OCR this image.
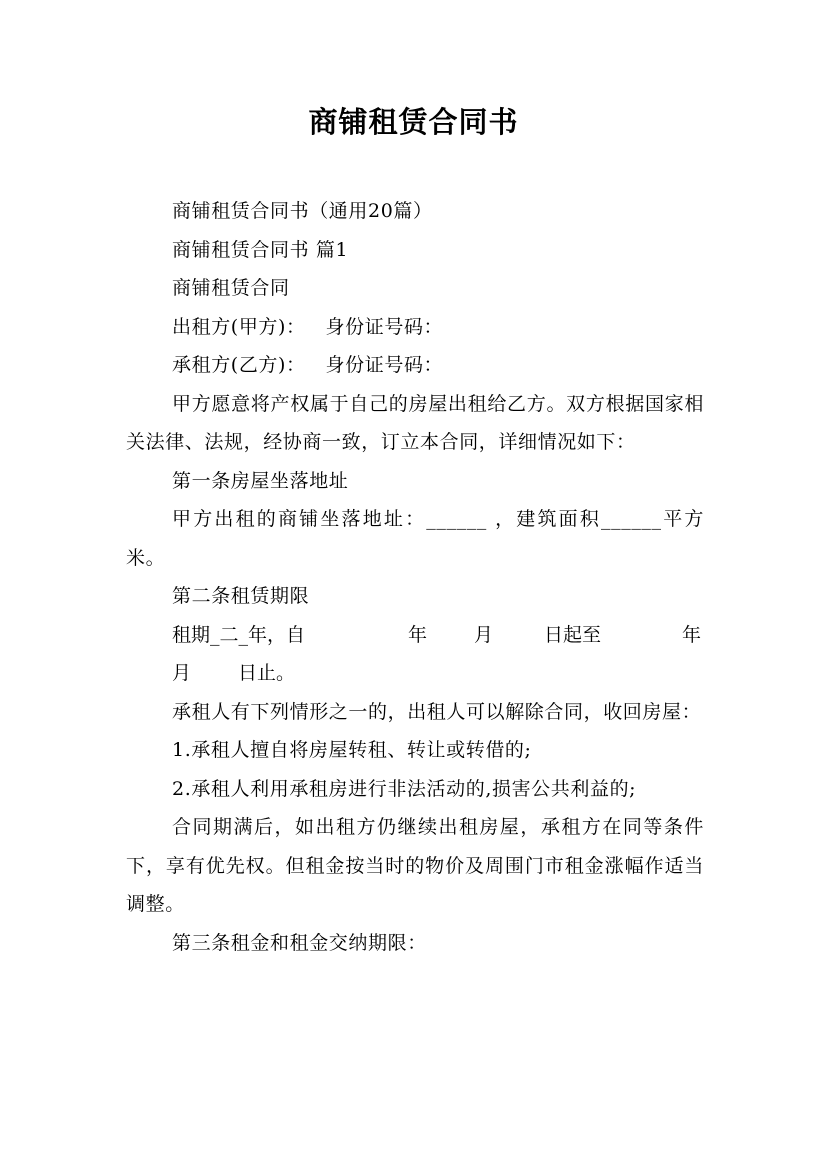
商铺租赁合同书

商铺租赁合同书（通用20篇）

商铺租赁合同书 篇1

商铺租赁合同

出租方(甲方)：   身份证号码：

承租方(乙方)：   身份证号码：

甲方愿意将产权属于自己的房屋出租给乙方。双方根据国家相关法律、法规，经协商一致，订立本合同，详细情况如下：

第一条房屋坐落地址

甲方出租的商铺坐落地址：______ ，建筑面积______平方米。

第二条租赁期限

租期_二_年，自	年 月	日起至	年
月 日止。

承租人有下列情形之一的，出租人可以解除合同，收回房屋：

1.承租人擅自将房屋转租、转让或转借的;

2.承租人利用承租房进行非法活动的,损害公共利益的;

合同期满后，如出租方仍继续出租房屋，承租方在同等条件下，享有优先权。但租金按当时的物价及周围门市租金涨幅作适当调整。

第三条租金和租金交纳期限：
